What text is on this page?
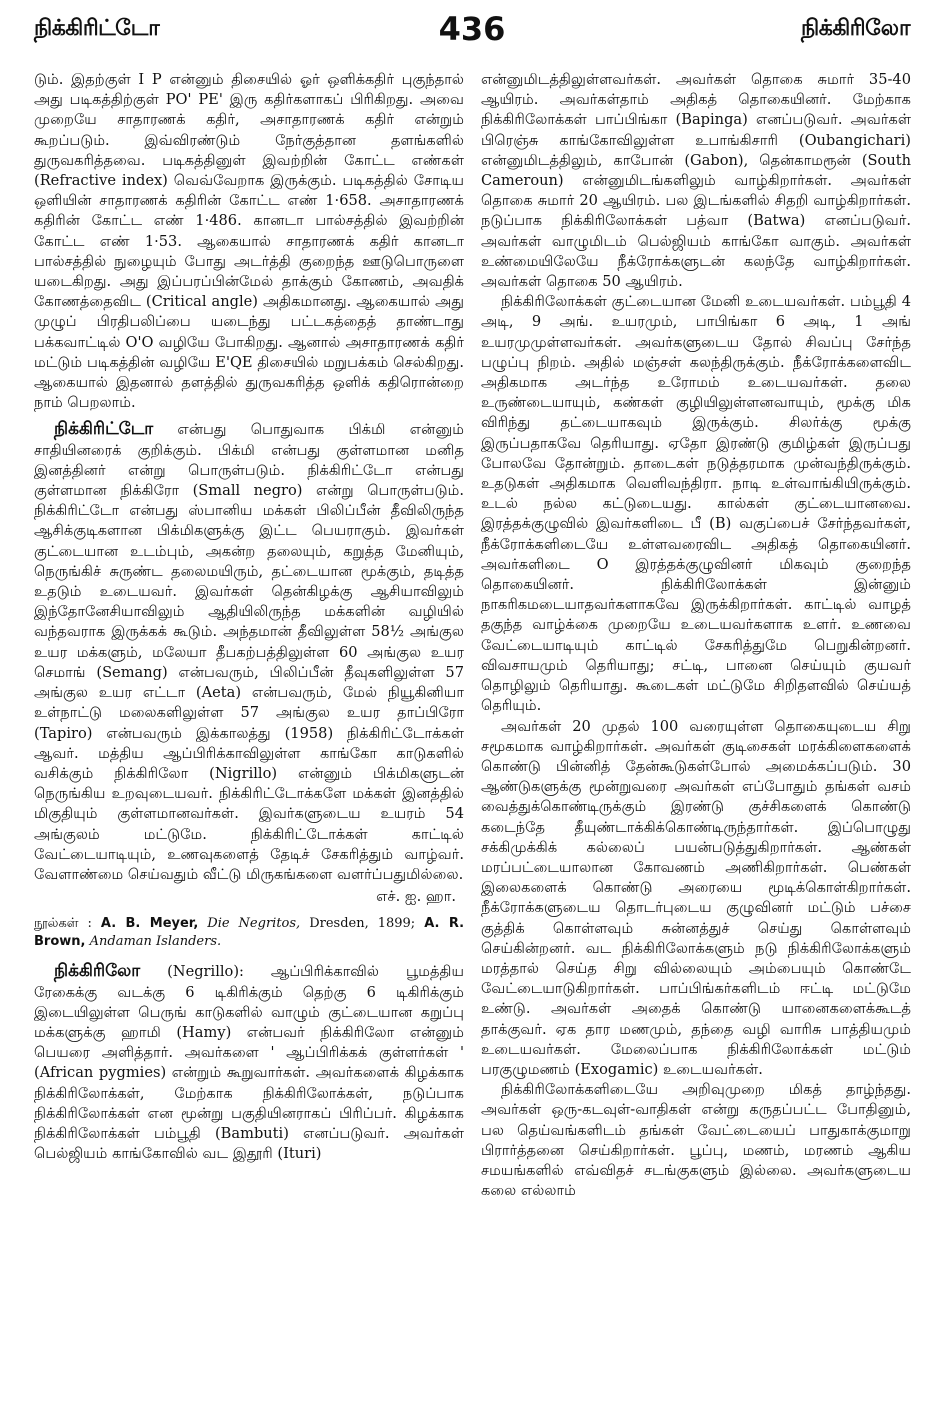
நிக்கிரிட்டோ	436	நிக்கிரிலோ

டும். இதற்குள் I P என்னும் திசையில் ஓர் ஒளிக்கதிர் புகுந்தால் அது படிகத்திற்குள் PO' PE' இரு கதிர்களாகப் பிரிகிறது. அவை முறையே சாதாரணக் கதிர், அசாதாரணக் கதிர் என்றும் கூறப்படும். இவ்விரண்டும் நேர்குத்தான தளங்களில் துருவகரித்தவை. படிகத்தினுள் இவற்றின் கோட்ட எண்கள் (Refractive index) வெவ்வேறாக இருக்கும். படிகத்தில் சோடிய ஒளியின் சாதாரணக் கதிரின் கோட்ட எண் 1·658. அசாதாரணக் கதிரின் கோட்ட எண் 1·486. கானடா பால்சத்தில் இவற்றின் கோட்ட எண் 1·53. ஆகையால் சாதாரணக் கதிர் கானடா பால்சத்தில் நுழையும் போது அடர்த்தி குறைந்த ஊடுபொருளை யடைகிறது. அது இப்பரப்பின்மேல் தாக்கும் கோணம், அவதிக் கோணத்தைவிட (Critical angle) அதிகமானது. ஆகையால் அது முழுப் பிரதிபலிப்பை யடைந்து பட்டகத்தைத் தாண்டாது பக்கவாட்டில் O'O வழியே போகிறது. ஆனால் அசாதாரணக் கதிர் மட்டும் படிகத்தின் வழியே E'QE திசையில் மறுபக்கம் செல்கிறது. ஆகையால் இதனால் தளத்தில் துருவகரித்த ஒளிக் கதிரொன்றை நாம் பெறலாம்.

நிக்கிரிட்டோ என்பது பொதுவாக பிக்மி என்னும் சாதியினரைக் குறிக்கும். பிக்மி என்பது குள்ளமான மனித இனத்தினர் என்று பொருள்படும். நிக்கிரிட்டோ என்பது குள்ளமான நிக்கிரோ (Small negro) என்று பொருள்படும். நிக்கிரிட்டோ என்பது ஸ்பானிய மக்கள் பிலிப்பீன் தீவிலிருந்த ஆசிக்குடிகளான பிக்மிகளுக்கு இட்ட பெயராகும். இவர்கள் குட்டையான உடம்பும், அகன்ற தலையும், கறுத்த மேனியும், நெருங்கிச் சுருண்ட தலைமயிரும், தட்டையான மூக்கும், தடித்த உதடும் உடையவர். இவர்கள் தென்கிழக்கு ஆசியாவிலும் இந்தோனேசியாவிலும் ஆதியிலிருந்த மக்களின் வழியில் வந்தவராக இருக்கக் கூடும். அந்தமான் தீவிலுள்ள 58½ அங்குல உயர மக்களும், மலேயா தீபகற்பத்திலுள்ள 60 அங்குல உயர செமாங் (Semang) என்பவரும், பிலிப்பீன் தீவுகளிலுள்ள 57 அங்குல உயர எட்டா (Aeta) என்பவரும், மேல் நியூகினியா உள்நாட்டு மலைகளிலுள்ள 57 அங்குல உயர தாப்பிரோ (Tapiro) என்பவரும் இக்காலத்து (1958) நிக்கிரிட்டோக்கள் ஆவர். மத்திய ஆப்பிரிக்காவிலுள்ள காங்கோ காடுகளில் வசிக்கும் நிக்கிரிலோ (Nigrillo) என்னும் பிக்மிகளுடன் நெருங்கிய உறவுடையவர். நிக்கிரிட்டோக்களே மக்கள் இனத்தில் மிகுதியும் குள்ளமானவர்கள். இவர்களுடைய உயரம் 54 அங்குலம் மட்டுமே. நிக்கிரிட்டோக்கள் காட்டில் வேட்டையாடியும், உணவுகளைத் தேடிச் சேகரித்தும் வாழ்வர். வேளாண்மை செய்வதும் வீட்டு மிருகங்களை வளர்ப்பதுமில்லை.

எச். ஐ. ஹா.

நூல்கள் : A. B. Meyer, Die Negritos, Dresden, 1899; A. R. Brown, Andaman Islanders.

நிக்கிரிலோ (Negrillo): ஆப்பிரிக்காவில் பூமத்திய ரேகைக்கு வடக்கு 6 டிகிரிக்கும் தெற்கு 6 டிகிரிக்கும் இடையிலுள்ள பெருங் காடுகளில் வாழும் குட்டையான கறுப்பு மக்களுக்கு ஹாமி (Hamy) என்பவர் நிக்கிரிலோ என்னும் பெயரை அளித்தார். அவர்களை ' ஆப்பிரிக்கக் குள்ளர்கள் ' (African pygmies) என்றும் கூறுவார்கள். அவர்களைக் கிழக்காக நிக்கிரிலோக்கள், மேற்காக நிக்கிரிலோக்கள், நடுப்பாக நிக்கிரிலோக்கள் என மூன்று பகுதியினராகப் பிரிப்பர். கிழக்காக நிக்கிரிலோக்கள் பம்பூதி (Bambuti) எனப்படுவர். அவர்கள் பெல்ஜியம் காங்கோவில் வட இதூரி (Ituri)

என்னுமிடத்திலுள்ளவர்கள். அவர்கள் தொகை சுமார் 35-40 ஆயிரம். அவர்கள்தாம் அதிகத் தொகையினர். மேற்காக நிக்கிரிலோக்கள் பாப்பிங்கா (Bapinga) எனப்படுவர். அவர்கள் பிரெஞ்சு காங்கோவிலுள்ள உபாங்கிசாரி (Oubangichari) என்னுமிடத்திலும், காபோன் (Gabon), தென்காமரூன் (South Cameroun) என்னுமிடங்களிலும் வாழ்கிறார்கள். அவர்கள் தொகை சுமார் 20 ஆயிரம். பல இடங்களில் சிதறி வாழ்கிறார்கள். நடுப்பாக நிக்கிரிலோக்கள் பத்வா (Batwa) எனப்படுவர். அவர்கள் வாழுமிடம் பெல்ஜியம் காங்கோ வாகும். அவர்கள் உண்மையிலேயே நீக்ரோக்களுடன் கலந்தே வாழ்கிறார்கள். அவர்கள் தொகை 50 ஆயிரம்.

நிக்கிரிலோக்கள் குட்டையான மேனி உடையவர்கள். பம்பூதி 4 அடி, 9 அங். உயரமும், பாபிங்கா 6 அடி, 1 அங் உயரமுமுள்ளவர்கள். அவர்களுடைய தோல் சிவப்பு சேர்ந்த பழுப்பு நிறம். அதில் மஞ்சள் கலந்திருக்கும். நீக்ரோக்களைவிட அதிகமாக அடர்ந்த உரோமம் உடையவர்கள். தலை உருண்டையாயும், கண்கள் குழியிலுள்ளனவாயும், மூக்கு மிக விரிந்து தட்டையாகவும் இருக்கும். சிலர்க்கு மூக்கு இருப்பதாகவே தெரியாது. ஏதோ இரண்டு குமிழ்கள் இருப்பது போலவே தோன்றும். தாடைகள் நடுத்தரமாக முன்வந்திருக்கும். உதடுகள் அதிகமாக வெளிவந்திரா. நாடி உள்வாங்கியிருக்கும். உடல் நல்ல கட்டுடையது. கால்கள் குட்டையானவை. இரத்தக்குழுவில் இவர்களிடை பீ (B) வகுப்பைச் சேர்ந்தவர்கள், நீக்ரோக்களிடையே உள்ளவரைவிட அதிகத் தொகையினர். அவர்களிடை O இரத்தக்குழுவினர் மிகவும் குறைந்த தொகையினர். நிக்கிரிலோக்கள் இன்னும் நாகரிகமடையாதவர்களாகவே இருக்கிறார்கள். காட்டில் வாழத் தகுந்த வாழ்க்கை முறையே உடையவர்களாக உளர். உணவை வேட்டையாடியும் காட்டில் சேகரித்துமே பெறுகின்றனர். விவசாயமும் தெரியாது; சட்டி, பானை செய்யும் குயவர் தொழிலும் தெரியாது. கூடைகள் மட்டுமே சிறிதளவில் செய்யத் தெரியும்.

அவர்கள் 20 முதல் 100 வரையுள்ள தொகையுடைய சிறு சமூகமாக வாழ்கிறார்கள். அவர்கள் குடிசைகள் மரக்கிளைகளைக் கொண்டு பின்னித் தேன்கூடுகள்போல் அமைக்கப்படும். 30 ஆண்டுகளுக்கு மூன்றுவரை அவர்கள் எப்போதும் தங்கள் வசம் வைத்துக்கொண்டிருக்கும் இரண்டு குச்சிகளைக் கொண்டு கடைந்தே தீயுண்டாக்கிக்கொண்டிருந்தார்கள். இப்பொழுது சக்கிமுக்கிக் கல்லைப் பயன்படுத்துகிறார்கள். ஆண்கள் மரப்பட்டையாலான கோவணம் அணிகிறார்கள். பெண்கள் இலைகளைக் கொண்டு அரையை மூடிக்கொள்கிறார்கள். நீக்ரோக்களுடைய தொடர்புடைய குழுவினர் மட்டும் பச்சை குத்திக் கொள்ளவும் சுன்னத்துச் செய்து கொள்ளவும் செய்கின்றனர். வட நிக்கிரிலோக்களும் நடு நிக்கிரிலோக்களும் மரத்தால் செய்த சிறு வில்லையும் அம்பையும் கொண்டே வேட்டையாடுகிறார்கள். பாப்பிங்கர்களிடம் ஈட்டி மட்டுமே உண்டு. அவர்கள் அதைக் கொண்டு யானைகளைக்கூடத் தாக்குவர். ஏக தார மணமும், தந்தை வழி வாரிசு பாத்தியமும் உடையவர்கள். மேலைப்பாக நிக்கிரிலோக்கள் மட்டும் பரகுழுமணம் (Exogamic) உடையவர்கள்.

நிக்கிரிலோக்களிடையே அறிவுமுறை மிகத் தாழ்ந்தது. அவர்கள் ஒரு-கடவுள்-வாதிகள் என்று கருதப்பட்ட போதினும், பல தெய்வங்களிடம் தங்கள் வேட்டையைப் பாதுகாக்குமாறு பிரார்த்தனை செய்கிறார்கள். பூப்பு, மணம், மரணம் ஆகிய சமயங்களில் எவ்விதச் சடங்குகளும் இல்லை. அவர்களுடைய கலை எல்லாம்
